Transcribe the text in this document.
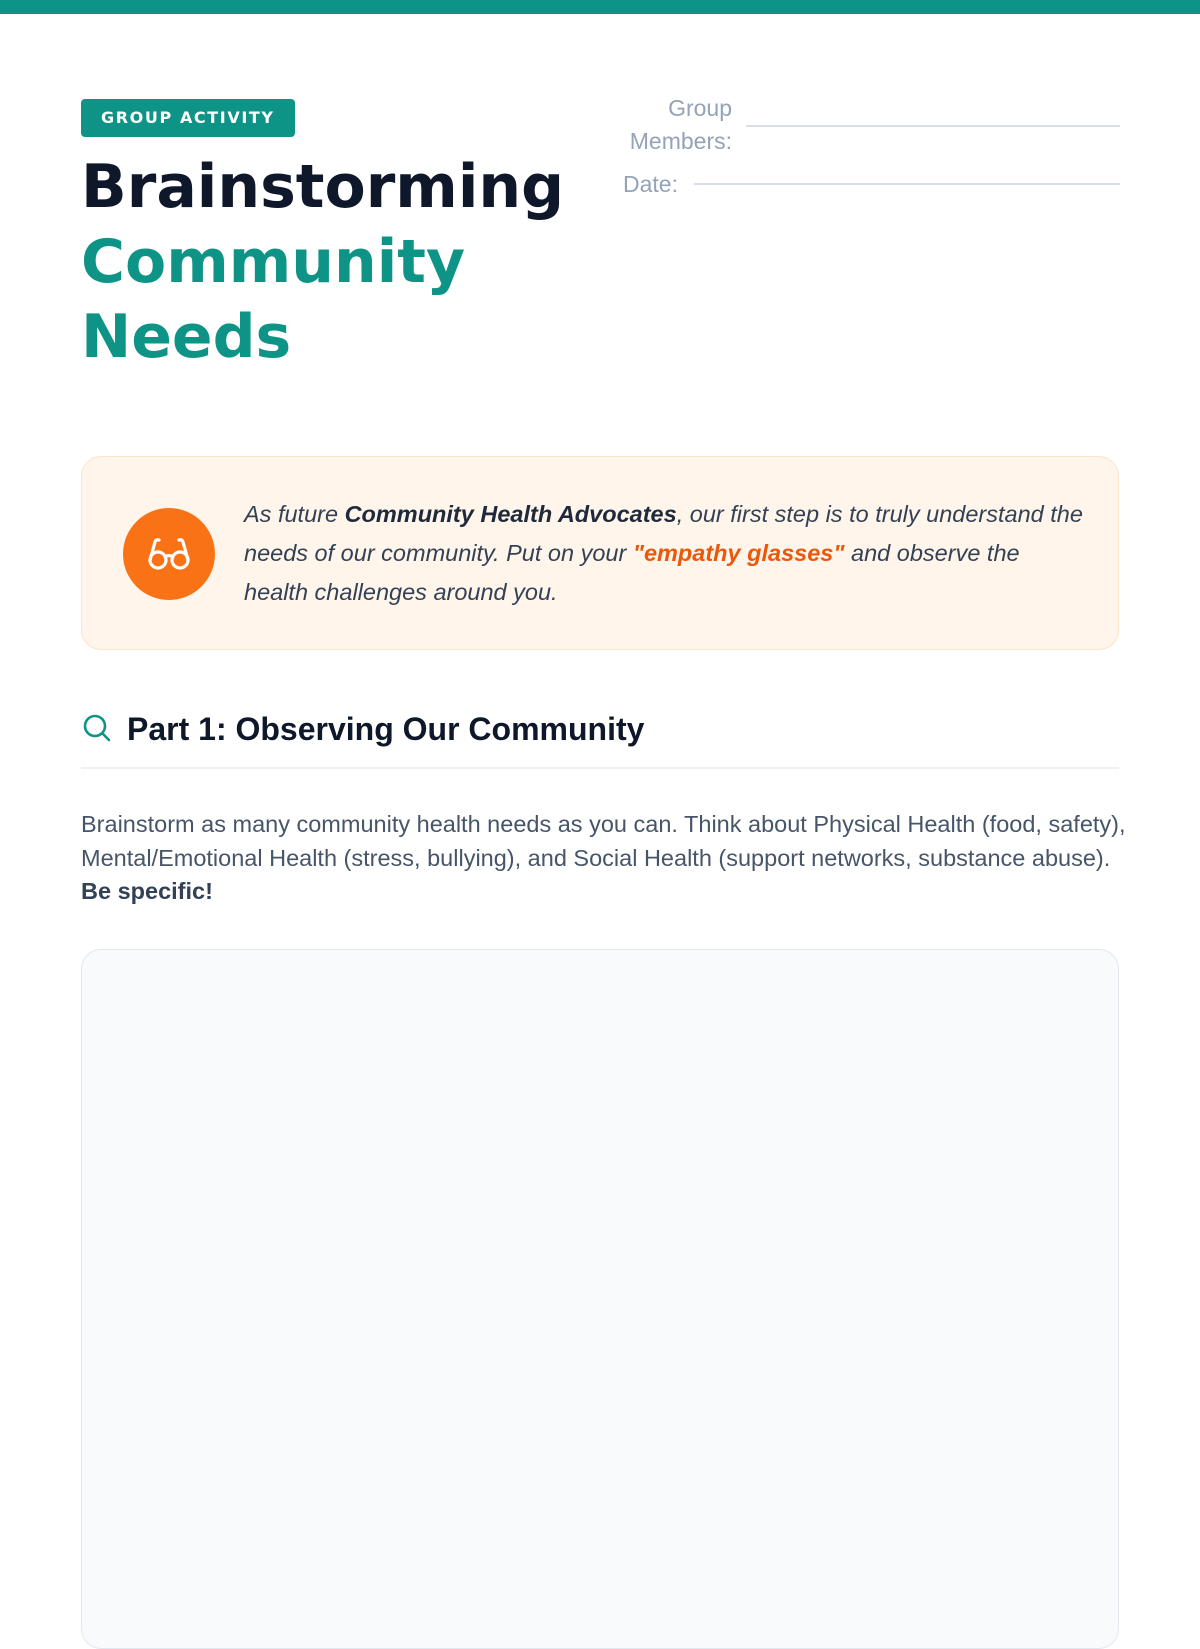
GROUP ACTIVITY
Brainstorming
Community
Needs
Group Members:
Date:

As future Community Health Advocates, our first step is to truly understand the needs of our community. Put on your "empathy glasses" and observe the health challenges around you.

Part 1: Observing Our Community

Brainstorm as many community health needs as you can. Think about Physical Health (food, safety), Mental/Emotional Health (stress, bullying), and Social Health (support networks, substance abuse). Be specific!
